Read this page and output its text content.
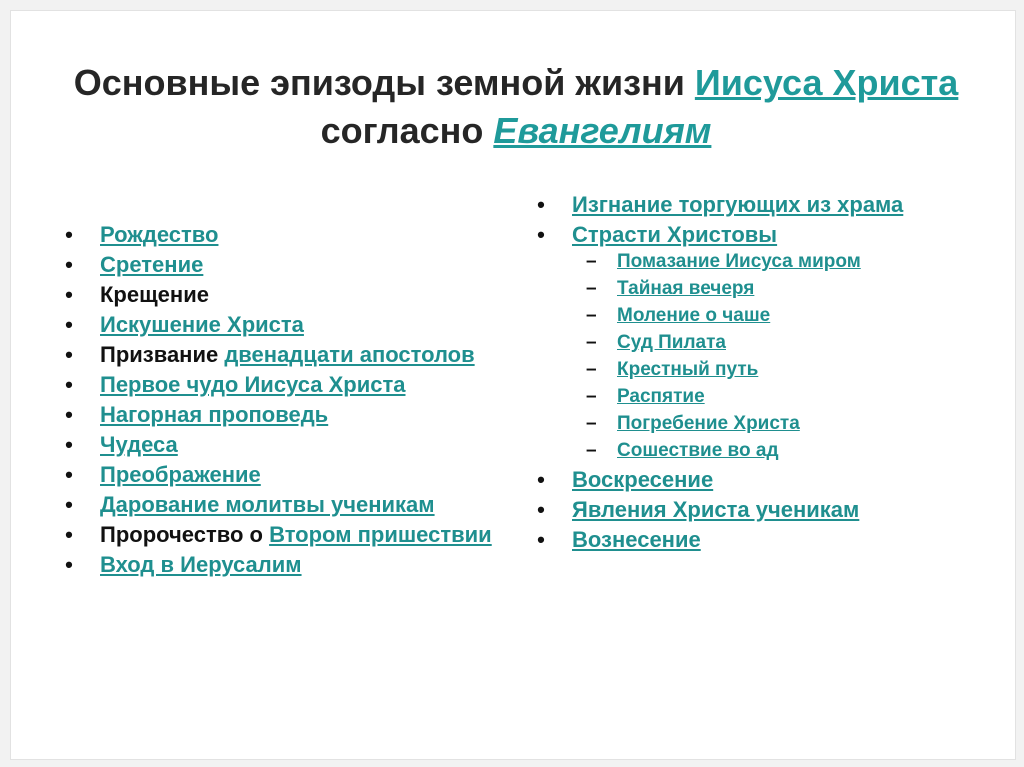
Основные эпизоды земной жизни Иисуса Христа согласно Евангелиям
• Рождество
• Сретение
• Крещение
• Искушение Христа
• Призвание двенадцати апостолов
• Первое чудо Иисуса Христа
• Нагорная проповедь
• Чудеса
• Преображение
• Дарование молитвы ученикам
• Пророчество о Втором пришествии
• Вход в Иерусалим
• Изгнание торгующих из храма
• Страсти Христовы
– Помазание Иисуса миром
– Тайная вечеря
– Моление о чаше
– Суд Пилата
– Крестный путь
– Распятие
– Погребение Христа
– Сошествие во ад
• Воскресение
• Явления Христа ученикам
• Вознесение
